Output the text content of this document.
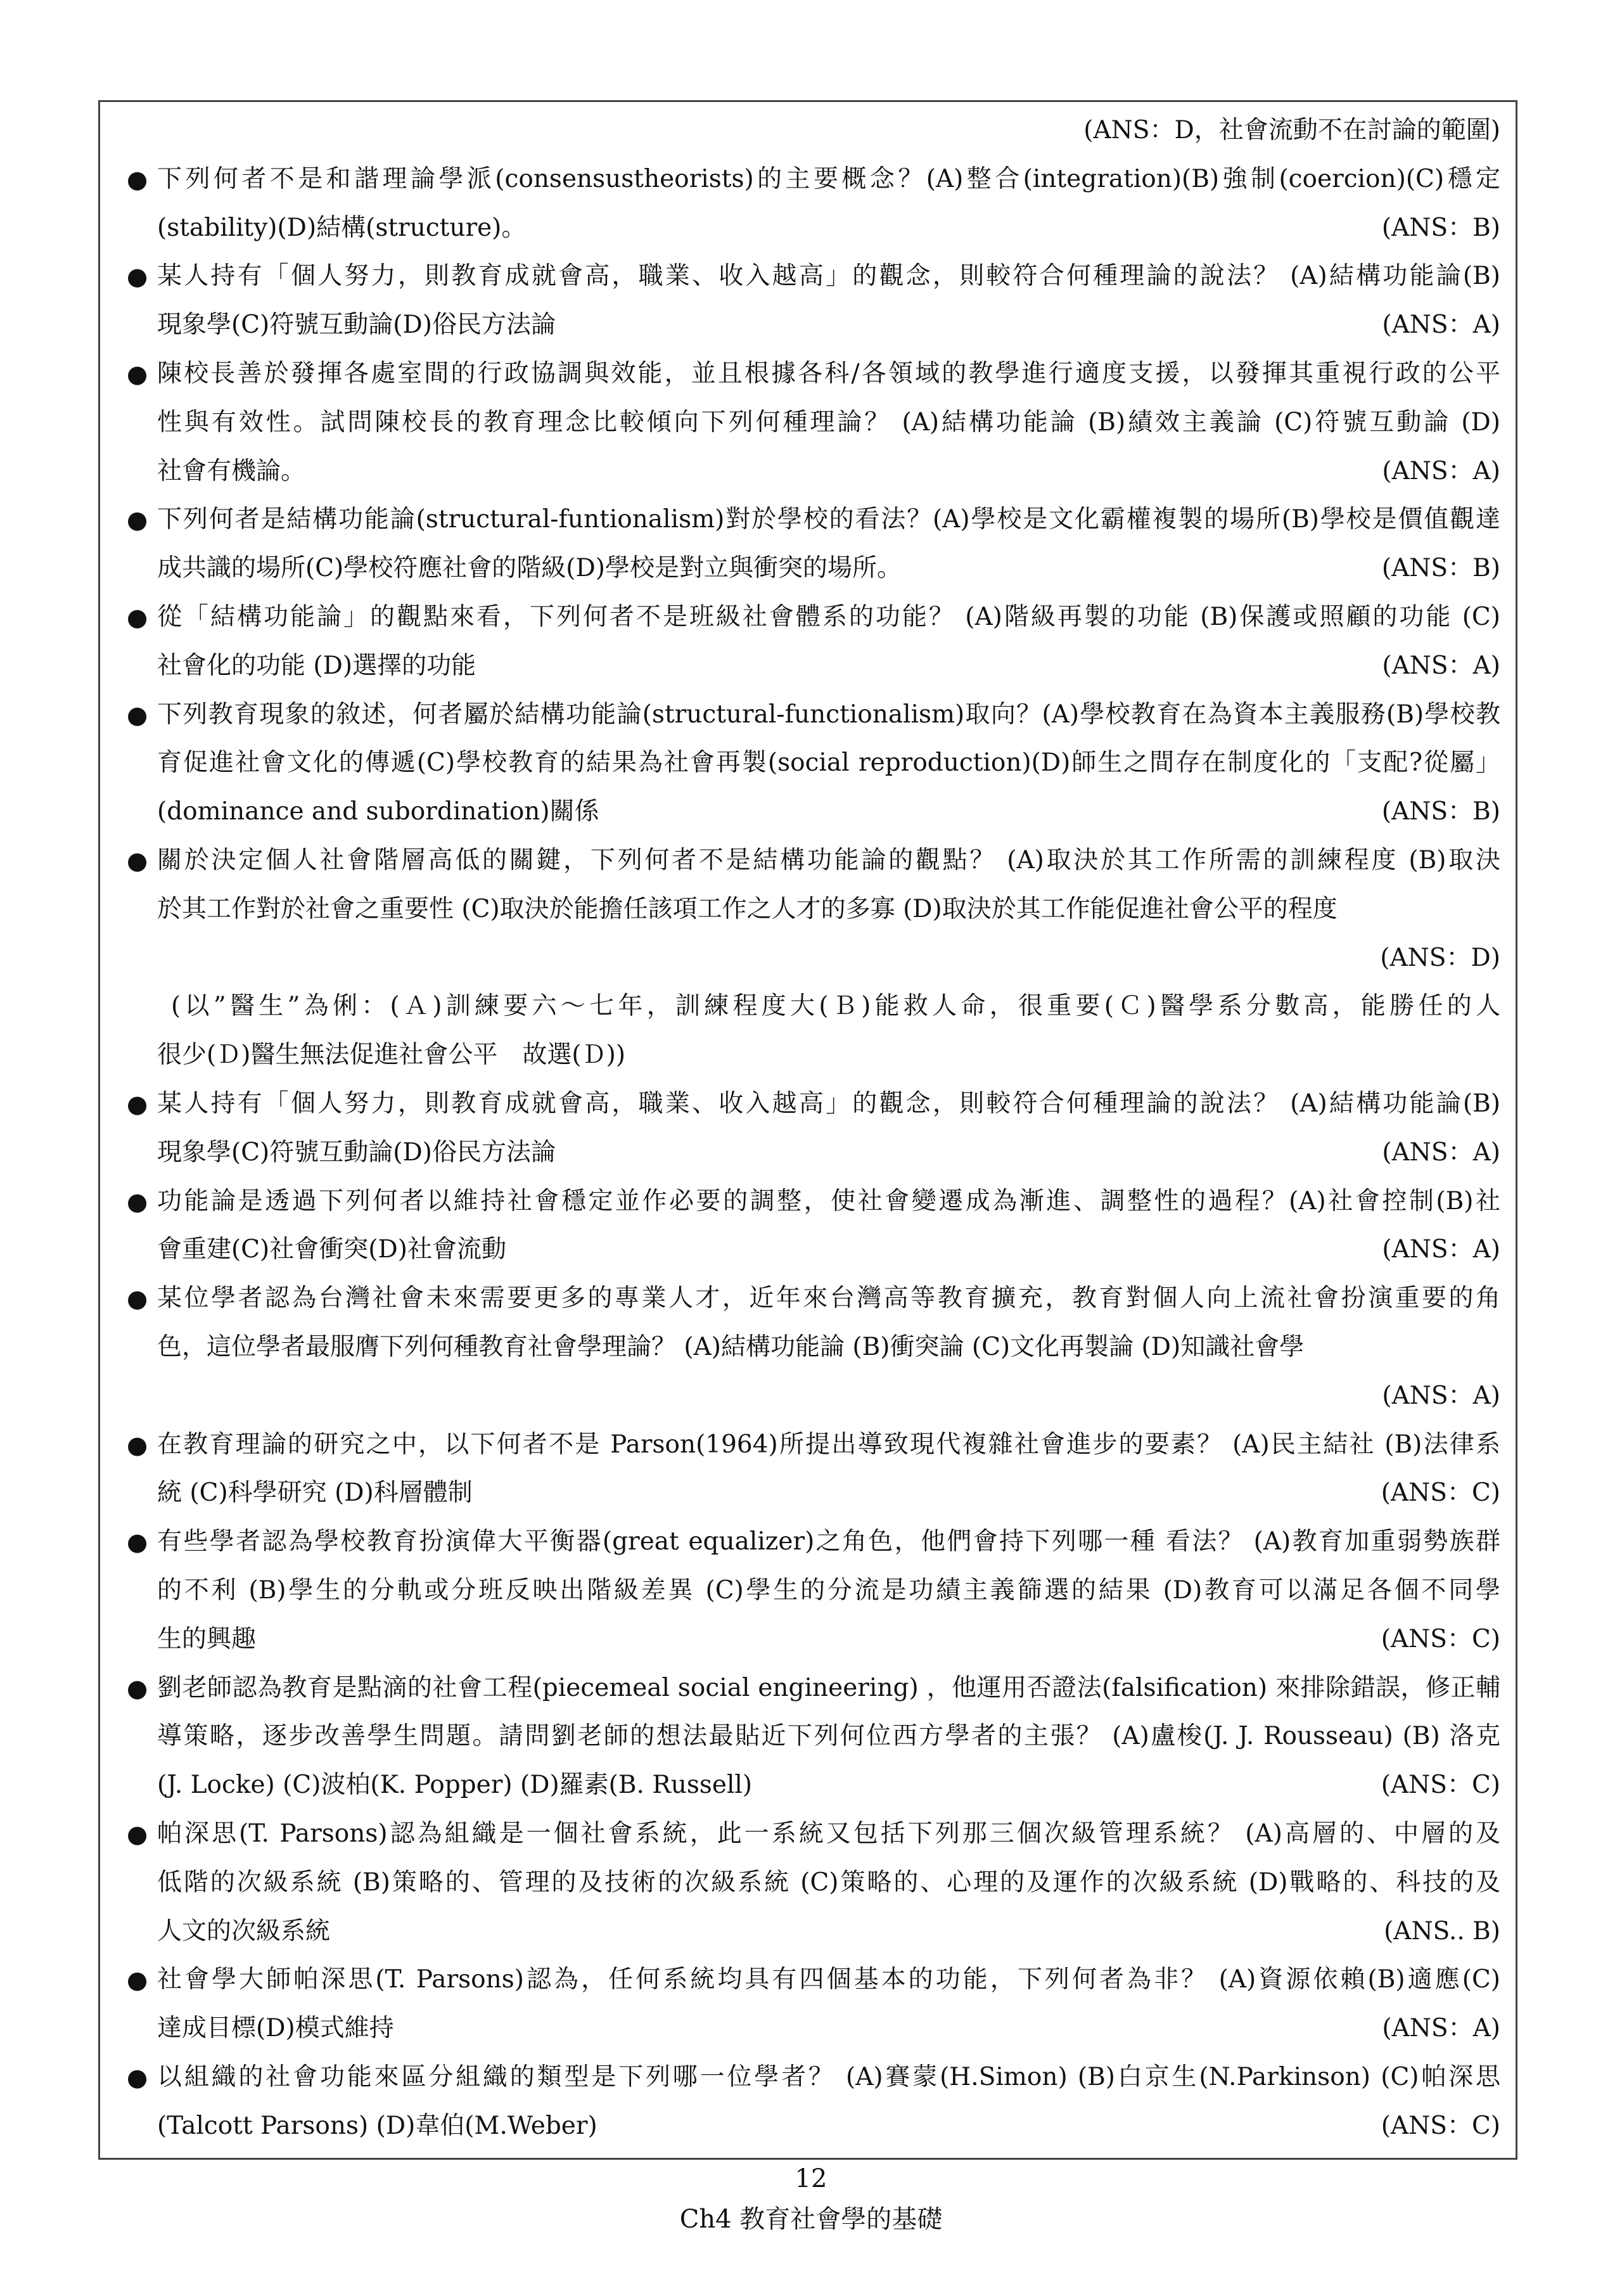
(ANS：D，社會流動不在討論的範圍)
● 下列何者不是和諧理論學派(consensustheorists)的主要概念？(A)整合(integration)(B)強制(coercion)(C)穩定
(stability)(D)結構(structure)。	(ANS：B)
● 某人持有「個人努力，則教育成就會高，職業、收入越高」的觀念，則較符合何種理論的說法？ (A)結構功能論(B)
現象學(C)符號互動論(D)俗民方法論	(ANS：A)
● 陳校長善於發揮各處室間的行政協調與效能，並且根據各科/各領域的教學進行適度支援，以發揮其重視行政的公平
性與有效性。試問陳校長的教育理念比較傾向下列何種理論？ (A)結構功能論 (B)績效主義論 (C)符號互動論 (D)
社會有機論。	(ANS：A)
● 下列何者是結構功能論(structural-funtionalism)對於學校的看法？(A)學校是文化霸權複製的場所(B)學校是價值觀達
成共識的場所(C)學校符應社會的階級(D)學校是對立與衝突的場所。	(ANS：B)
● 從「結構功能論」的觀點來看，下列何者不是班級社會體系的功能？ (A)階級再製的功能 (B)保護或照顧的功能 (C)
社會化的功能 (D)選擇的功能	(ANS：A)
● 下列教育現象的敘述，何者屬於結構功能論(structural-functionalism)取向？(A)學校教育在為資本主義服務(B)學校教
育促進社會文化的傳遞(C)學校教育的結果為社會再製(social reproduction)(D)師生之間存在制度化的「支配?從屬」
(dominance and subordination)關係	(ANS：B)
● 關於決定個人社會階層高低的關鍵，下列何者不是結構功能論的觀點？ (A)取決於其工作所需的訓練程度 (B)取決
於其工作對於社會之重要性 (C)取決於能擔任該項工作之人才的多寡 (D)取決於其工作能促進社會公平的程度
(ANS：D)
(以”醫生”為俐：(Ａ)訓練要六～七年，訓練程度大(Ｂ)能救人命，很重要(Ｃ)醫學系分數高，能勝任的人
很少(Ｄ)醫生無法促進社會公平　故選(Ｄ))
● 某人持有「個人努力，則教育成就會高，職業、收入越高」的觀念，則較符合何種理論的說法？ (A)結構功能論(B)
現象學(C)符號互動論(D)俗民方法論	(ANS：A)
● 功能論是透過下列何者以維持社會穩定並作必要的調整，使社會變遷成為漸進、調整性的過程？(A)社會控制(B)社
會重建(C)社會衝突(D)社會流動	(ANS：A)
● 某位學者認為台灣社會未來需要更多的專業人才，近年來台灣高等教育擴充，教育對個人向上流社會扮演重要的角
色，這位學者最服膺下列何種教育社會學理論？ (A)結構功能論 (B)衝突論 (C)文化再製論 (D)知識社會學
(ANS：A)
● 在教育理論的研究之中，以下何者不是 Parson(1964)所提出導致現代複雜社會進步的要素？ (A)民主結社 (B)法律系
統 (C)科學研究 (D)科層體制	(ANS：C)
● 有些學者認為學校教育扮演偉大平衡器(great equalizer)之角色，他們會持下列哪一種 看法？ (A)教育加重弱勢族群
的不利 (B)學生的分軌或分班反映出階級差異 (C)學生的分流是功績主義篩選的結果 (D)教育可以滿足各個不同學
生的興趣	(ANS：C)
● 劉老師認為教育是點滴的社會工程(piecemeal social engineering) ，他運用否證法(falsification) 來排除錯誤，修正輔
導策略，逐步改善學生問題。請問劉老師的想法最貼近下列何位西方學者的主張？ (A)盧梭(J. J. Rousseau) (B) 洛克
(J. Locke) (C)波柏(K. Popper) (D)羅素(B. Russell)	(ANS：C)
● 帕深思(T. Parsons)認為組織是一個社會系統，此一系統又包括下列那三個次級管理系統？ (A)高層的、中層的及
低階的次級系統 (B)策略的、管理的及技術的次級系統 (C)策略的、心理的及運作的次級系統 (D)戰略的、科技的及
人文的次級系統	(ANS.. B)
● 社會學大師帕深思(T. Parsons)認為，任何系統均具有四個基本的功能，下列何者為非？ (A)資源依賴(B)適應(C)
達成目標(D)模式維持	(ANS：A)
● 以組織的社會功能來區分組織的類型是下列哪一位學者？ (A)賽蒙(H.Simon) (B)白京生(N.Parkinson) (C)帕深思
(Talcott Parsons) (D)韋伯(M.Weber)	(ANS：C)
12
Ch4 教育社會學的基礎
